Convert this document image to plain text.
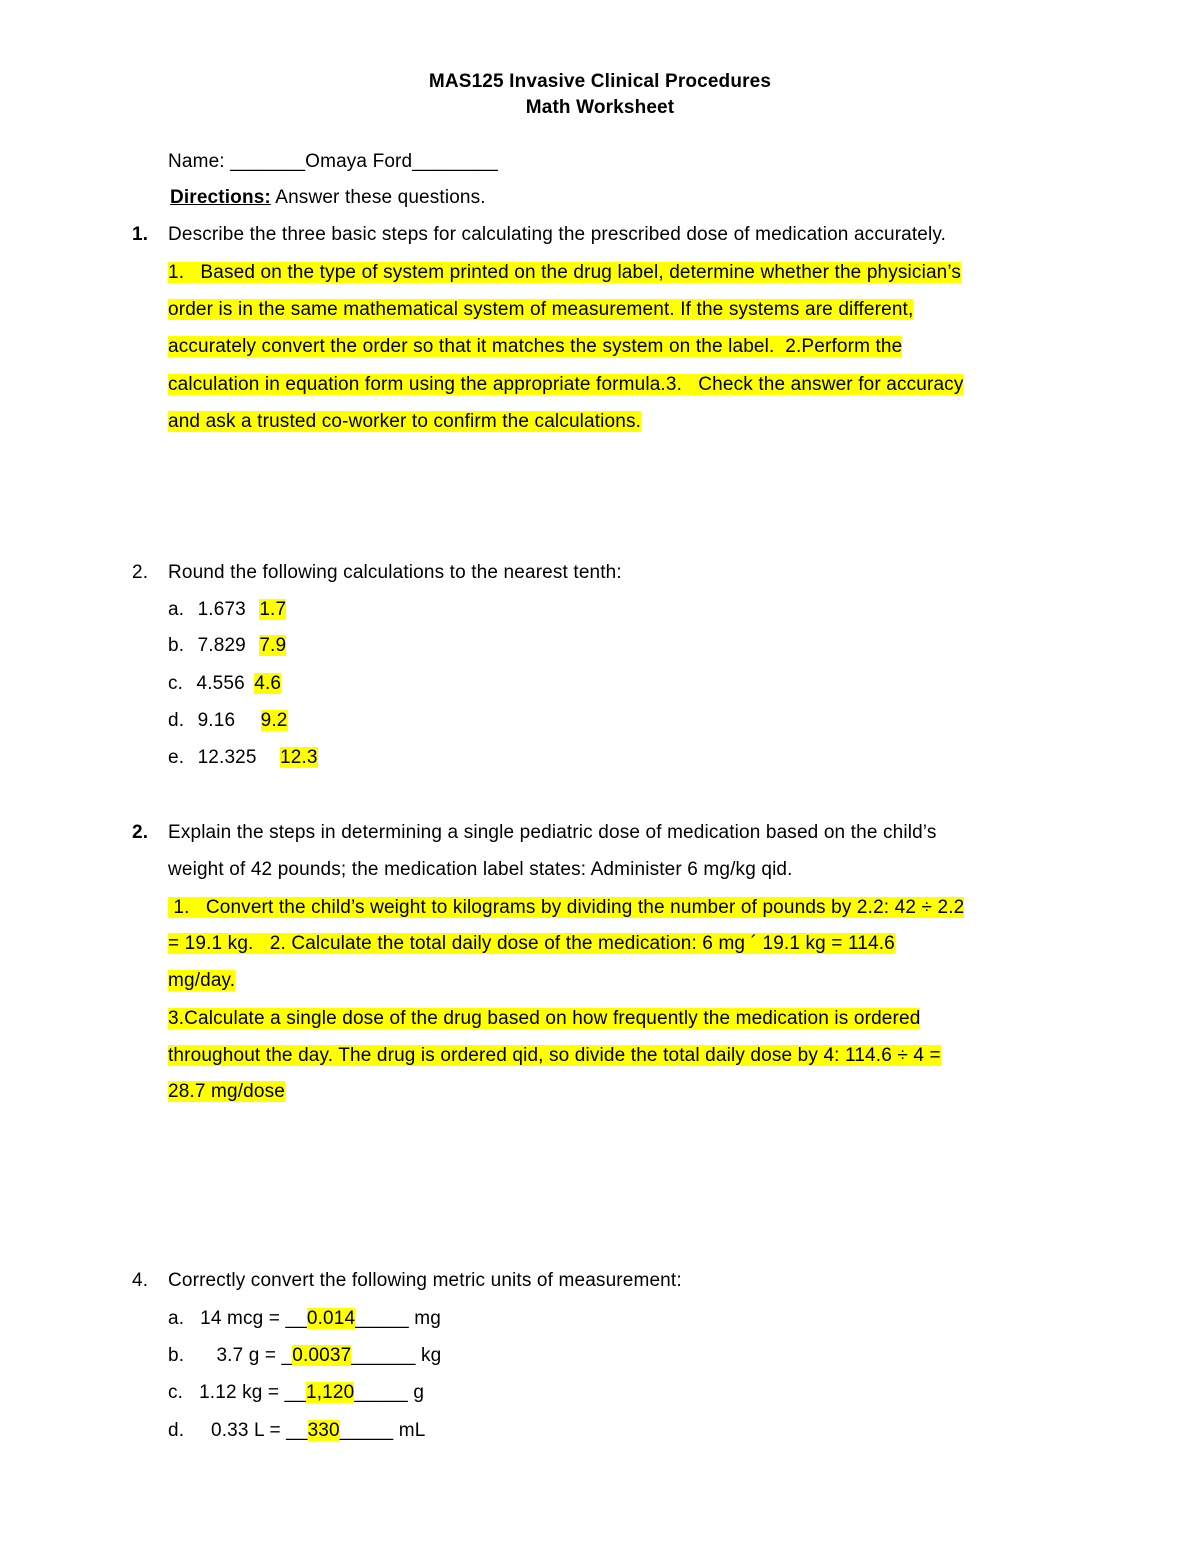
MAS125 Invasive Clinical Procedures
Math Worksheet
Name: _______Omaya Ford________
Directions: Answer these questions.
1. Describe the three basic steps for calculating the prescribed dose of medication accurately.
1.   Based on the type of system printed on the drug label, determine whether the physician’s
order is in the same mathematical system of measurement. If the systems are different,
accurately convert the order so that it matches the system on the label.  2.Perform the
calculation in equation form using the appropriate formula.3.   Check the answer for accuracy
and ask a trusted co-worker to confirm the calculations.
2. Round the following calculations to the nearest tenth:
a. 1.673 1.7
b. 7.829 7.9
c. 4.556 4.6
d. 9.16 9.2
e. 12.325 12.3
2. Explain the steps in determining a single pediatric dose of medication based on the child’s
weight of 42 pounds; the medication label states: Administer 6 mg/kg qid.
1.   Convert the child’s weight to kilograms by dividing the number of pounds by 2.2: 42 ÷ 2.2
= 19.1 kg.   2. Calculate the total daily dose of the medication: 6 mg ´ 19.1 kg = 114.6
mg/day.
3.Calculate a single dose of the drug based on how frequently the medication is ordered
throughout the day. The drug is ordered qid, so divide the total daily dose by 4: 114.6 ÷ 4 =
28.7 mg/dose
4. Correctly convert the following metric units of measurement:
a. 14 mcg = __0.014_____ mg
b.   3.7 g = _0.0037______ kg
c. 1.12 kg = __1,120_____ g
d.  0.33 L = __330_____ mL
